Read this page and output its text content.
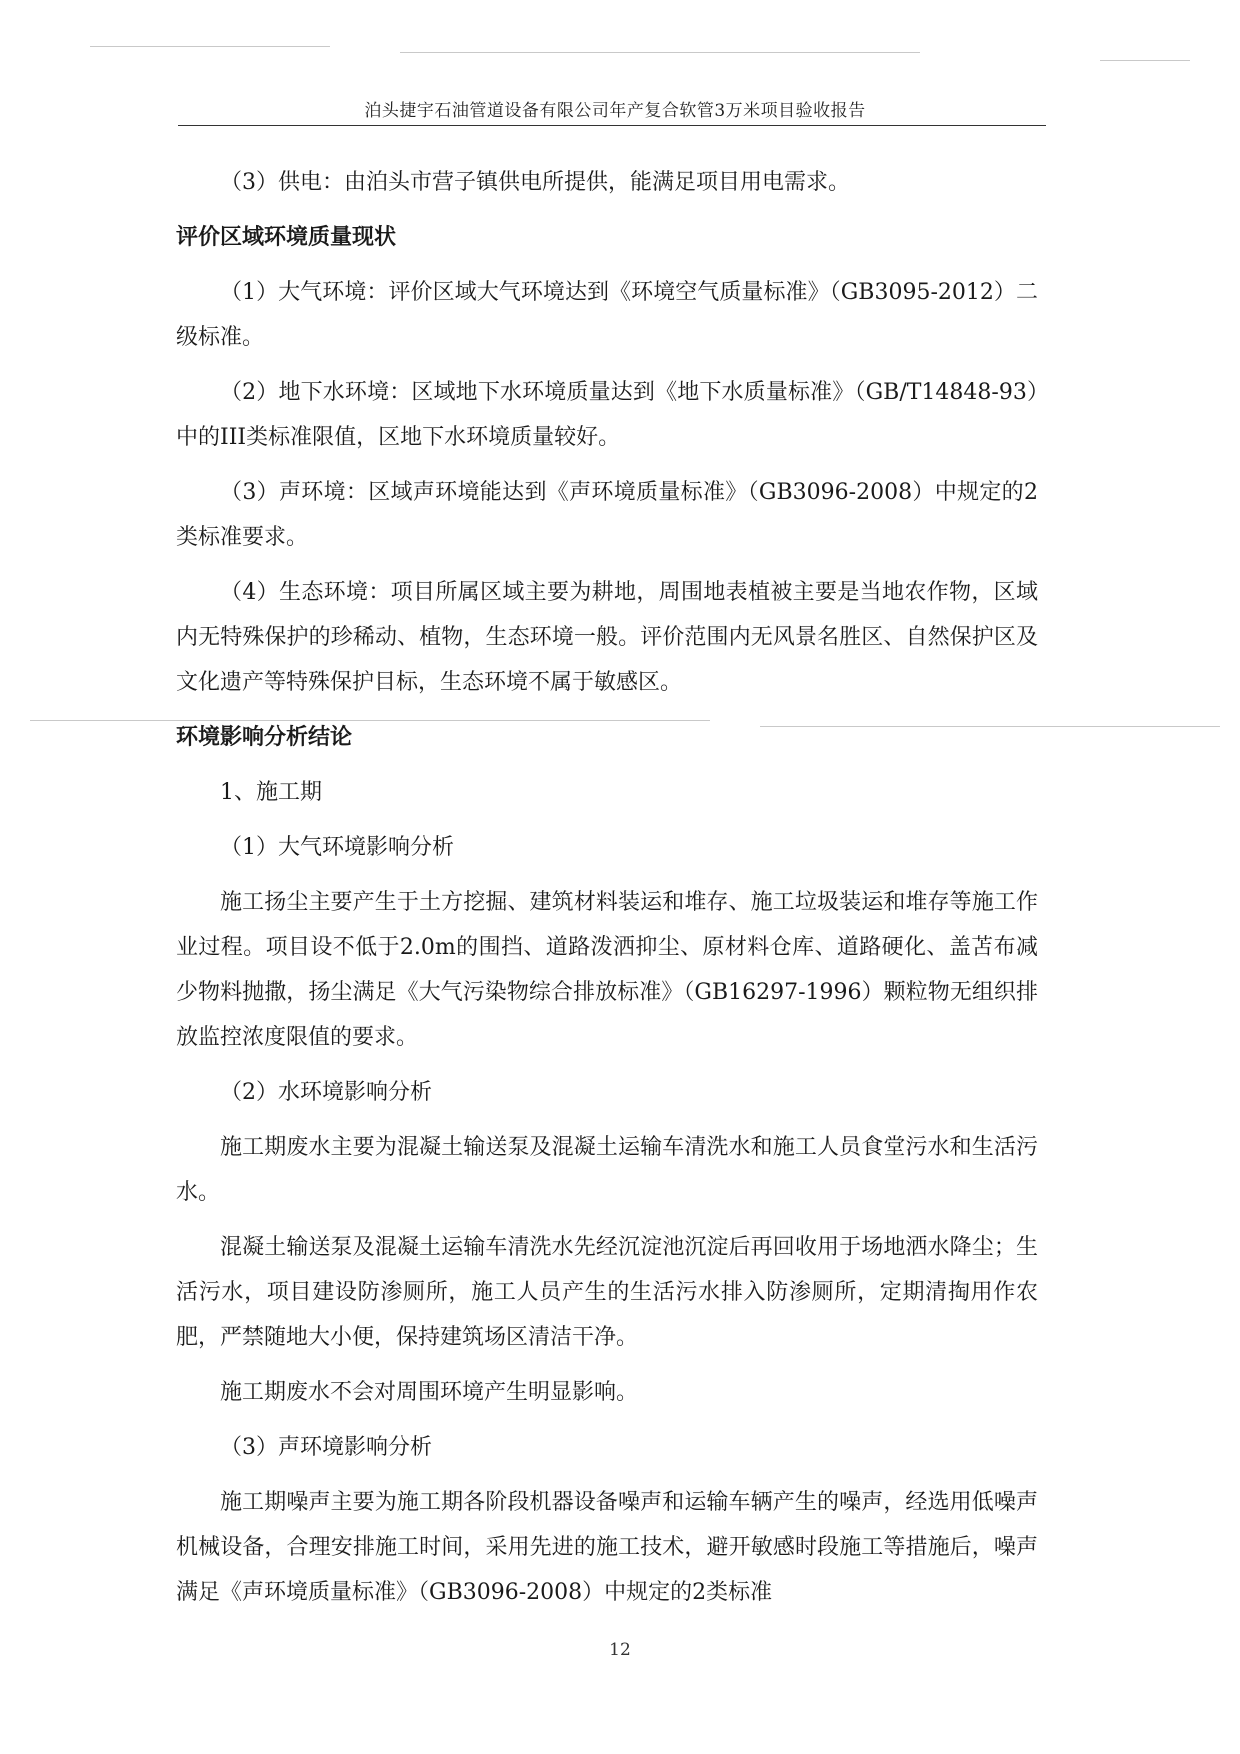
泊头捷宇石油管道设备有限公司年产复合软管3万米项目验收报告
（3）供电：由泊头市营子镇供电所提供，能满足项目用电需求。
评价区域环境质量现状
（1）大气环境：评价区域大气环境达到《环境空气质量标准》（GB3095-2012）二级标准。
（2）地下水环境：区域地下水环境质量达到《地下水质量标准》（GB/T14848-93）中的III类标准限值，区地下水环境质量较好。
（3）声环境：区域声环境能达到《声环境质量标准》（GB3096-2008）中规定的2类标准要求。
（4）生态环境：项目所属区域主要为耕地，周围地表植被主要是当地农作物，区域内无特殊保护的珍稀动、植物，生态环境一般。评价范围内无风景名胜区、自然保护区及文化遗产等特殊保护目标，生态环境不属于敏感区。
环境影响分析结论
1、施工期
（1）大气环境影响分析
施工扬尘主要产生于土方挖掘、建筑材料装运和堆存、施工垃圾装运和堆存等施工作业过程。项目设不低于2.0m的围挡、道路泼洒抑尘、原材料仓库、道路硬化、盖苫布减少物料抛撒，扬尘满足《大气污染物综合排放标准》（GB16297-1996）颗粒物无组织排放监控浓度限值的要求。
（2）水环境影响分析
施工期废水主要为混凝土输送泵及混凝土运输车清洗水和施工人员食堂污水和生活污水。
混凝土输送泵及混凝土运输车清洗水先经沉淀池沉淀后再回收用于场地洒水降尘；生活污水，项目建设防渗厕所，施工人员产生的生活污水排入防渗厕所，定期清掏用作农肥，严禁随地大小便，保持建筑场区清洁干净。
施工期废水不会对周围环境产生明显影响。
（3）声环境影响分析
施工期噪声主要为施工期各阶段机器设备噪声和运输车辆产生的噪声，经选用低噪声机械设备，合理安排施工时间，采用先进的施工技术，避开敏感时段施工等措施后，噪声满足《声环境质量标准》（GB3096-2008）中规定的2类标准
12
